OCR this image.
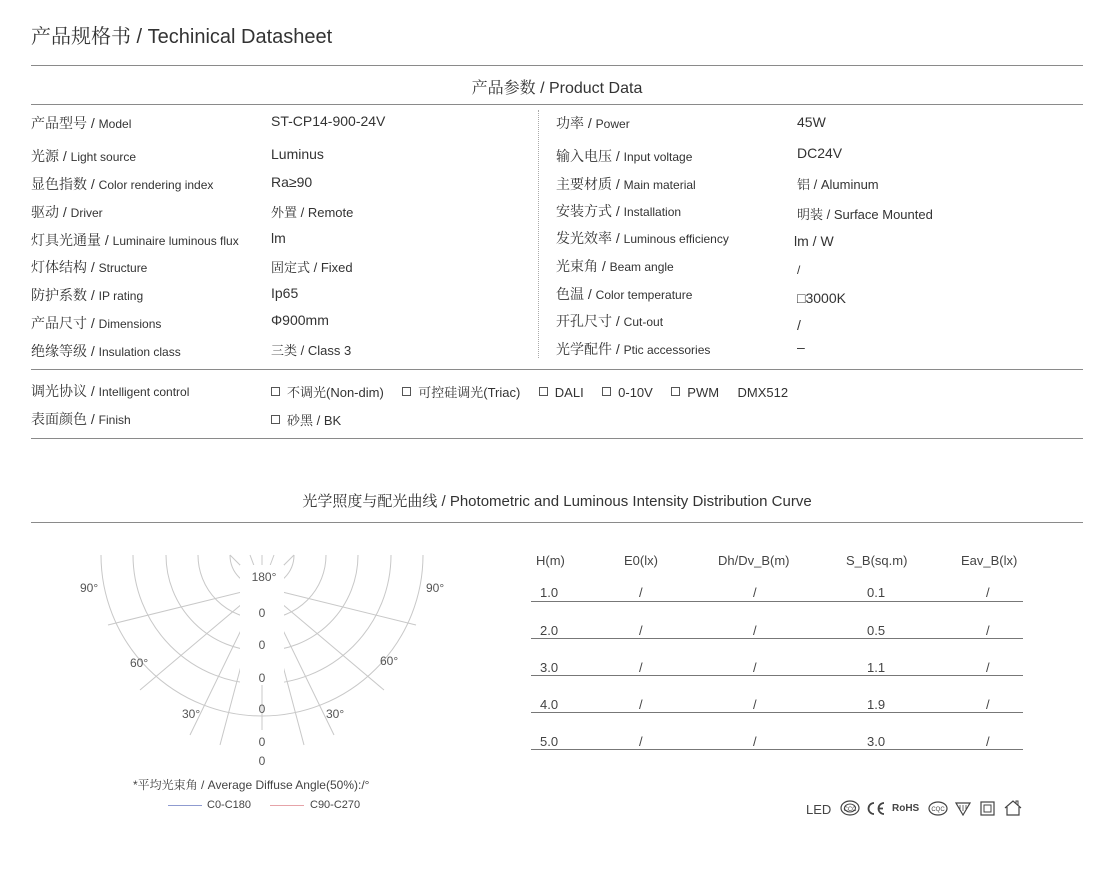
产品规格书 / Techinical Datasheet
产品参数 / Product Data
产品型号 / Model	ST-CP14-900-24V
光源 / Light source	Luminus
显色指数 / Color rendering index	Ra≥90
驱动 / Driver	外置 / Remote
灯具光通量 / Luminaire luminous flux lm
灯体结构 / Structure	固定式 / Fixed
防护系数 / IP rating	Ip65
产品尺寸 / Dimensions	Φ900mm
绝缘等级 / Insulation class	三类 / Class 3
功率 / Power	45W
输入电压 / Input voltage	DC24V
主要材质 / Main material	铝 / Aluminum
安装方式 / Installation	明装 / Surface Mounted
发光效率 / Luminous efficiency	lm / W
光束角 / Beam angle	/
色温 / Color temperature	□3000K
开孔尺寸 / Cut-out	/
光学配件 / Ptic accessories	–
调光协议 / Intelligent control	不调光(Non-dim)	可控硅调光(Triac)	DALI	0-10V	PWM DMX512
表面颜色 / Finish	砂黑 / BK
光学照度与配光曲线 / Photometric and Luminous Intensity Distribution Curve
180°
90°	90°
60°	60°
30°	30°
0
0
0
0
0
0
*平均光束角 / Average Diffuse Angle(50%):/°
C0-C180	C90-C270
H(m)	E0(lx)	Dh/Dv_B(m)	S_B(sq.m)	Eav_B(lx)
1.0	/	/	0.1	/
2.0	/	/	0.5	/
3.0	/	/	1.1	/
4.0	/	/	1.9	/
5.0	/	/	3.0	/
LED CCC	RoHS CQC
